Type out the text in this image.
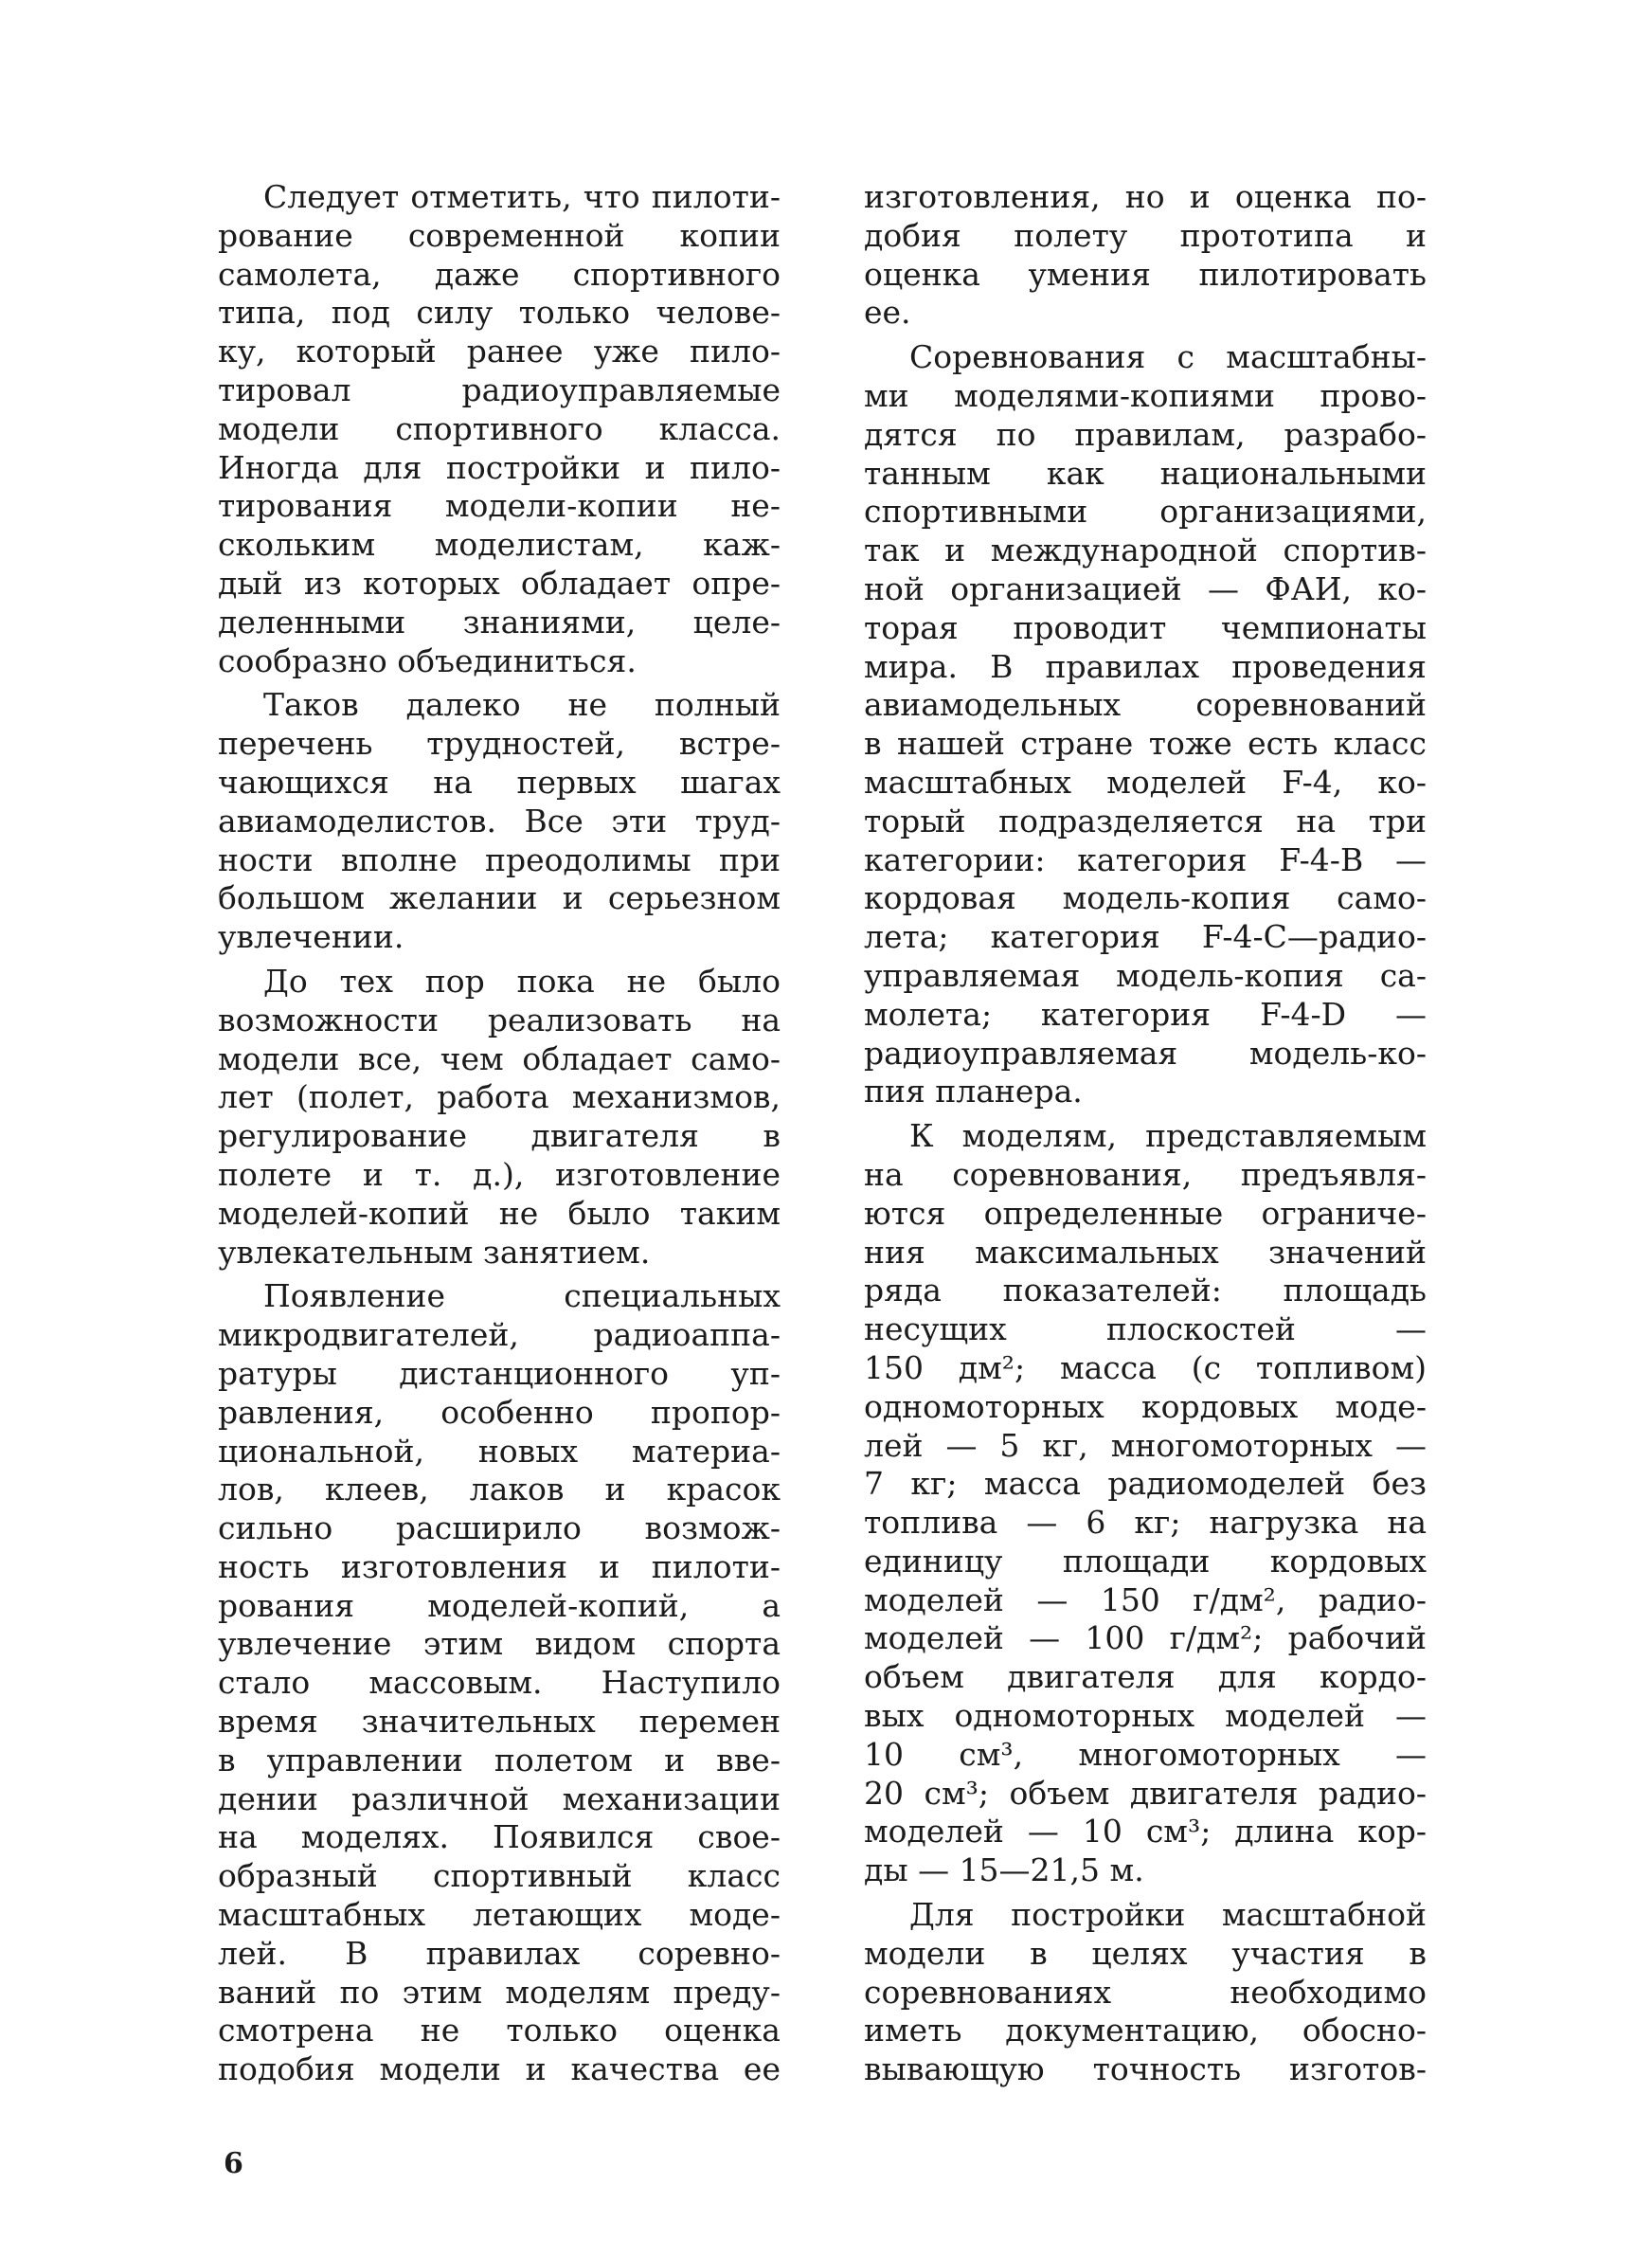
Следует отметить, что пилоти-
рование современной копии
самолета, даже спортивного
типа, под силу только челове-
ку, который ранее уже пило-
тировал радиоуправляемые
модели спортивного класса.
Иногда для постройки и пило-
тирования модели-копии не-
скольким моделистам, каж-
дый из которых обладает опре-
деленными знаниями, целе-
сообразно объединиться.
Таков далеко не полный
перечень трудностей, встре-
чающихся на первых шагах
авиамоделистов. Все эти труд-
ности вполне преодолимы при
большом желании и серьезном
увлечении.
До тех пор пока не было
возможности реализовать на
модели все, чем обладает само-
лет (полет, работа механизмов,
регулирование двигателя в
полете и т. д.), изготовление
моделей-копий не было таким
увлекательным занятием.
Появление специальных
микродвигателей, радиоаппа-
ратуры дистанционного уп-
равления, особенно пропор-
циональной, новых материа-
лов, клеев, лаков и красок
сильно расширило возмож-
ность изготовления и пилоти-
рования моделей-копий, а
увлечение этим видом спорта
стало массовым. Наступило
время значительных перемен
в управлении полетом и вве-
дении различной механизации
на моделях. Появился свое-
образный спортивный класс
масштабных летающих моде-
лей. В правилах соревно-
ваний по этим моделям преду-
смотрена не только оценка
подобия модели и качества ее
изготовления, но и оценка по-
добия полету прототипа и
оценка умения пилотировать
ее.
Соревнования с масштабны-
ми моделями-копиями прово-
дятся по правилам, разрабо-
танным как национальными
спортивными организациями,
так и международной спортив-
ной организацией — ФАИ, ко-
торая проводит чемпионаты
мира. В правилах проведения
авиамодельных соревнований
в нашей стране тоже есть класс
масштабных моделей F-4, ко-
торый подразделяется на три
категории: категория F-4-B —
кордовая модель-копия само-
лета; категория F-4-C—радио-
управляемая модель-копия са-
молета; категория F-4-D —
радиоуправляемая модель-ко-
пия планера.
К моделям, представляемым
на соревнования, предъявля-
ются определенные ограниче-
ния максимальных значений
ряда показателей: площадь
несущих плоскостей —
150 дм²; масса (с топливом)
одномоторных кордовых моде-
лей — 5 кг, многомоторных —
7 кг; масса радиомоделей без
топлива — 6 кг; нагрузка на
единицу площади кордовых
моделей — 150 г/дм², радио-
моделей — 100 г/дм²; рабочий
объем двигателя для кордо-
вых одномоторных моделей —
10 см³, многомоторных —
20 см³; объем двигателя радио-
моделей — 10 см³; длина кор-
ды — 15—21,5 м.
Для постройки масштабной
модели в целях участия в
соревнованиях необходимо
иметь документацию, обосно-
вывающую точность изготов-
6
